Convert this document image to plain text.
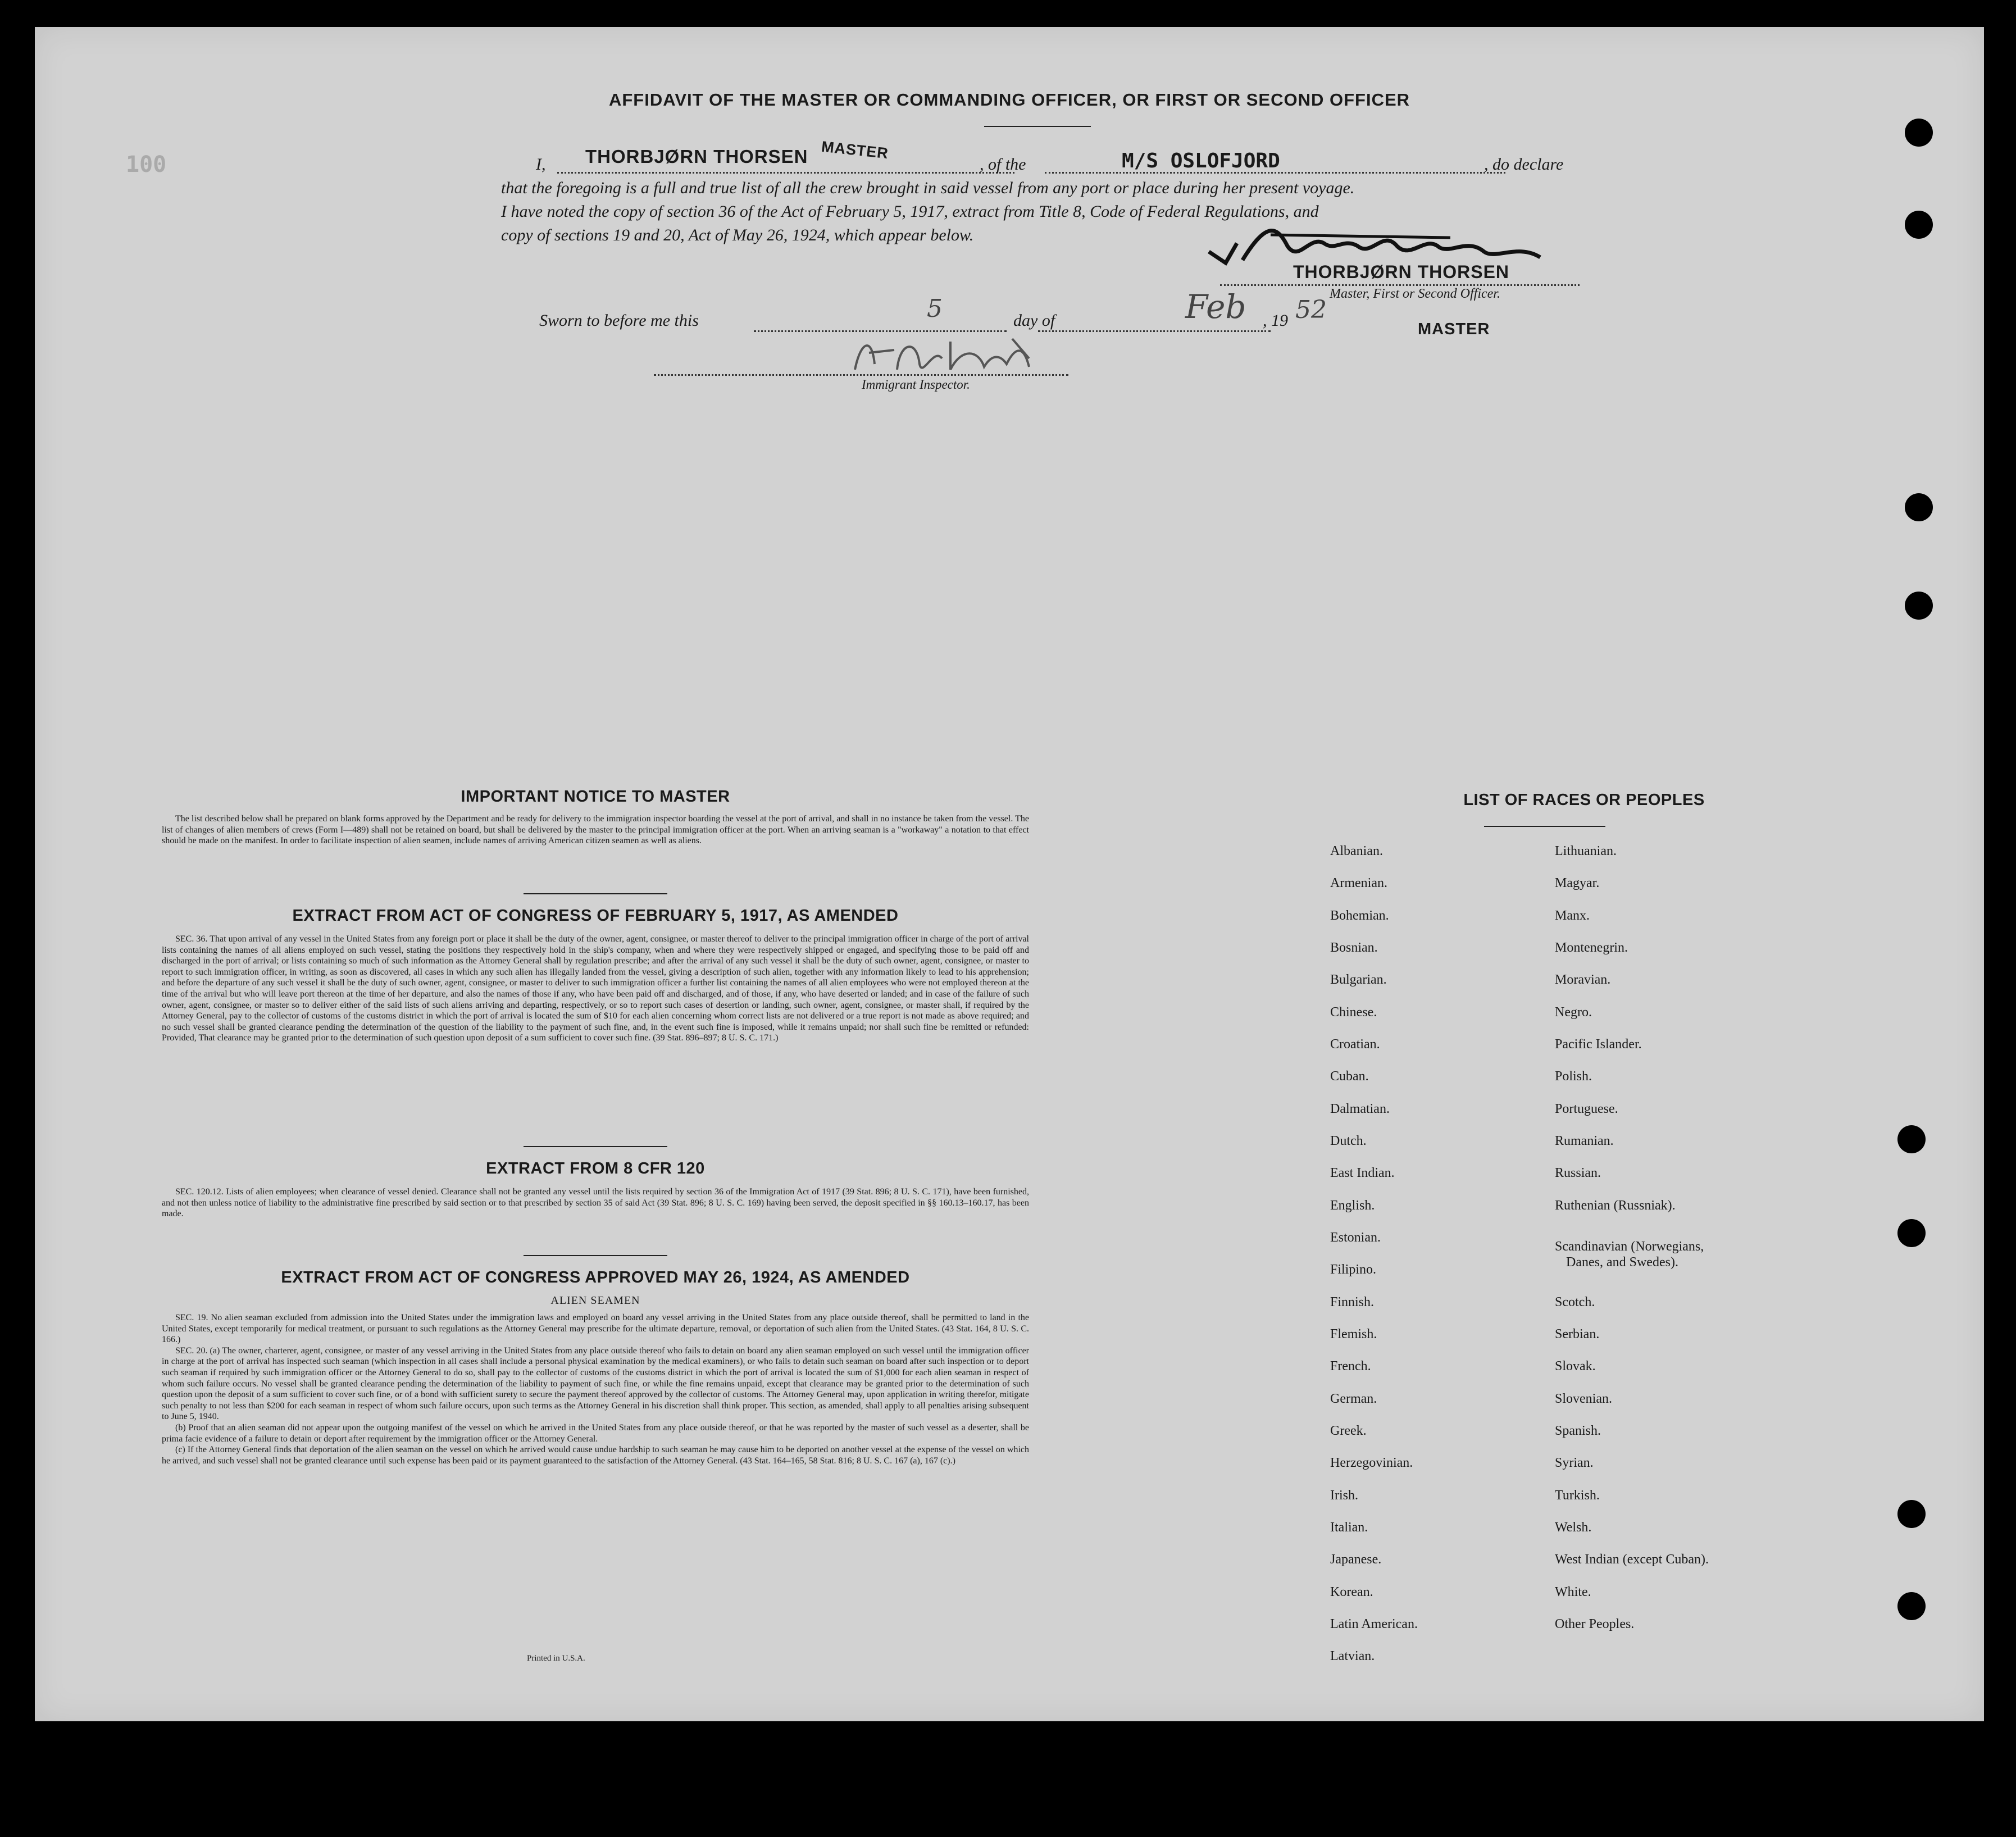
100
AFFIDAVIT OF THE MASTER OR COMMANDING OFFICER, OR FIRST OR SECOND OFFICER
I, THORBJØRN THORSEN MASTER
, of the	M/S OSLOFJORD	, do declare
that the foregoing is a full and true list of all the crew brought in said vessel from any port or place during her present voyage.
I have noted the copy of section 36 of the Act of February 5, 1917, extract from Title 8, Code of Federal Regulations, and
copy of sections 19 and 20, Act of May 26, 1924, which appear below.
THORBJØRN THORSEN
Master, First or Second Officer.
Sworn to before me this	5	day of	Feb , 19 52
MASTER
Immigrant Inspector.
IMPORTANT NOTICE TO MASTER

The list described below shall be prepared on blank forms approved by the Department and be ready for delivery to the immigration inspector boarding the vessel at the port of arrival, and shall in no instance be taken from the vessel. The list of changes of alien members of crews (Form I—489) shall not be retained on board, but shall be delivered by the master to the principal immigration officer at the port. When an arriving seaman is a "workaway" a notation to that effect should be made on the manifest. In order to facilitate inspection of alien seamen, include names of arriving American citizen seamen as well as aliens.

EXTRACT FROM ACT OF CONGRESS OF FEBRUARY 5, 1917, AS AMENDED

SEC. 36. That upon arrival of any vessel in the United States from any foreign port or place it shall be the duty of the owner, agent, consignee, or master thereof to deliver to the principal immigration officer in charge of the port of arrival lists containing the names of all aliens employed on such vessel, stating the positions they respectively hold in the ship's company, when and where they were respectively shipped or engaged, and specifying those to be paid off and discharged in the port of arrival; or lists containing so much of such information as the Attorney General shall by regulation prescribe; and after the arrival of any such vessel it shall be the duty of such owner, agent, consignee, or master to report to such immigration officer, in writing, as soon as discovered, all cases in which any such alien has illegally landed from the vessel, giving a description of such alien, together with any information likely to lead to his apprehension; and before the departure of any such vessel it shall be the duty of such owner, agent, consignee, or master to deliver to such immigration officer a further list containing the names of all alien employees who were not employed thereon at the time of the arrival but who will leave port thereon at the time of her departure, and also the names of those if any, who have been paid off and discharged, and of those, if any, who have deserted or landed; and in case of the failure of such owner, agent, consignee, or master so to deliver either of the said lists of such aliens arriving and departing, respectively, or so to report such cases of desertion or landing, such owner, agent, consignee, or master shall, if required by the Attorney General, pay to the collector of customs of the customs district in which the port of arrival is located the sum of $10 for each alien concerning whom correct lists are not delivered or a true report is not made as above required; and no such vessel shall be granted clearance pending the determination of the question of the liability to the payment of such fine, and, in the event such fine is imposed, while it remains unpaid; nor shall such fine be remitted or refunded: Provided, That clearance may be granted prior to the determination of such question upon deposit of a sum sufficient to cover such fine. (39 Stat. 896–897; 8 U. S. C. 171.)

EXTRACT FROM 8 CFR 120

SEC. 120.12. Lists of alien employees; when clearance of vessel denied. Clearance shall not be granted any vessel until the lists required by section 36 of the Immigration Act of 1917 (39 Stat. 896; 8 U. S. C. 171), have been furnished, and not then unless notice of liability to the administrative fine prescribed by said section or to that prescribed by section 35 of said Act (39 Stat. 896; 8 U. S. C. 169) having been served, the deposit specified in §§ 160.13–160.17, has been made.

EXTRACT FROM ACT OF CONGRESS APPROVED MAY 26, 1924, AS AMENDED
ALIEN SEAMEN

SEC. 19. No alien seaman excluded from admission into the United States under the immigration laws and employed on board any vessel arriving in the United States from any place outside thereof, shall be permitted to land in the United States, except temporarily for medical treatment, or pursuant to such regulations as the Attorney General may prescribe for the ultimate departure, removal, or deportation of such alien from the United States. (43 Stat. 164, 8 U. S. C. 166.)

SEC. 20. (a) The owner, charterer, agent, consignee, or master of any vessel arriving in the United States from any place outside thereof who fails to detain on board any alien seaman employed on such vessel until the immigration officer in charge at the port of arrival has inspected such seaman (which inspection in all cases shall include a personal physical examination by the medical examiners), or who fails to detain such seaman on board after such inspection or to deport such seaman if required by such immigration officer or the Attorney General to do so, shall pay to the collector of customs of the customs district in which the port of arrival is located the sum of $1,000 for each alien seaman in respect of whom such failure occurs. No vessel shall be granted clearance pending the determination of the liability to payment of such fine, or while the fine remains unpaid, except that clearance may be granted prior to the determination of such question upon the deposit of a sum sufficient to cover such fine, or of a bond with sufficient surety to secure the payment thereof approved by the collector of customs. The Attorney General may, upon application in writing therefor, mitigate such penalty to not less than $200 for each seaman in respect of whom such failure occurs, upon such terms as the Attorney General in his discretion shall think proper. This section, as amended, shall apply to all penalties arising subsequent to June 5, 1940.

(b) Proof that an alien seaman did not appear upon the outgoing manifest of the vessel on which he arrived in the United States from any place outside thereof, or that he was reported by the master of such vessel as a deserter, shall be prima facie evidence of a failure to detain or deport after requirement by the immigration officer or the Attorney General.

(c) If the Attorney General finds that deportation of the alien seaman on the vessel on which he arrived would cause undue hardship to such seaman he may cause him to be deported on another vessel at the expense of the vessel on which he arrived, and such vessel shall not be granted clearance until such expense has been paid or its payment guaranteed to the satisfaction of the Attorney General. (43 Stat. 164–165, 58 Stat. 816; 8 U. S. C. 167 (a), 167 (c).)

Printed in U.S.A.
LIST OF RACES OR PEOPLES
Albanian.
Armenian.
Bohemian.
Bosnian.
Bulgarian.
Chinese.
Croatian.
Cuban.
Dalmatian.
Dutch.
East Indian.
English.
Estonian.
Filipino.
Finnish.
Flemish.
French.
German.
Greek.
Herzegovinian.
Irish.
Italian.
Japanese.
Korean.
Latin American.
Latvian.
Lithuanian.
Magyar.
Manx.
Montenegrin.
Moravian.
Negro.
Pacific Islander.
Polish.
Portuguese.
Rumanian.
Russian.
Ruthenian (Russniak).
Scandinavian (Norwegians,
Danes, and Swedes).
Scotch.
Serbian.
Slovak.
Slovenian.
Spanish.
Syrian.
Turkish.
Welsh.
West Indian (except Cuban).
White.
Other Peoples.
